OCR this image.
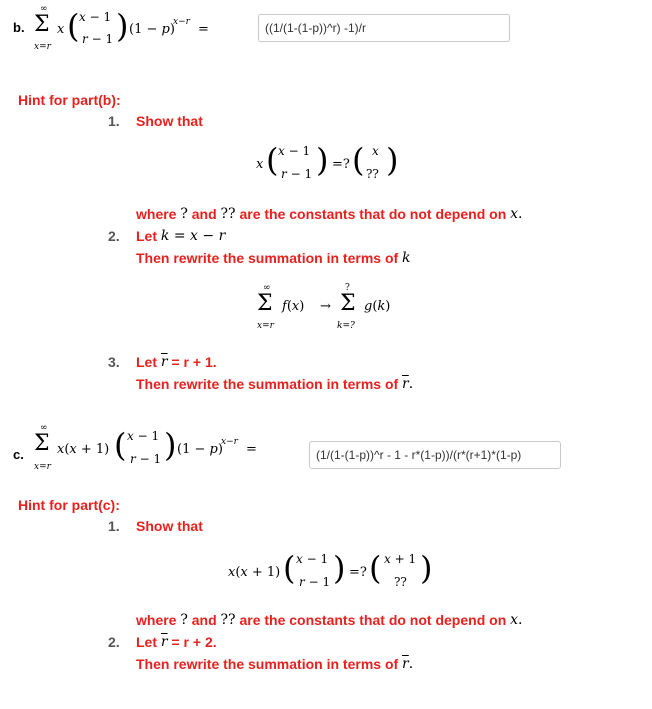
b.
∞
Σ
x=r
x ( x − 1
r − 1 ) (1 − p)
x−r =	((1/(1-(1-p))^r) -1)/r
Hint for part(b):
1. Show that
x ( x − 1
r − 1 ) =? ( x
?? )
where
?
and
??
are the constants that do not depend on
x .
2. Let
k = x − r
Then rewrite the summation in terms of
k
∞
Σ
x=r
f(x) →
?
Σ
k=?
g(k)
3. Let
$\overline{r}$
= r + 1.
Then rewrite the summation in terms of
$\overline{r}$ .
c.
∞
Σ
x=r
x(x + 1) ( x − 1
r − 1 ) (1 − p)
x−r =	(1/(1-(1-p))^r - 1 - r*(1-p))/(r*(r+1)*(1-p)
Hint for part(c):
1. Show that
x(x + 1) ( x − 1
r − 1 ) =? ( x + 1
?? )
where
?
and
??
are the constants that do not depend on
x .
2. Let
$\overline{r}$
= r + 2.
Then rewrite the summation in terms of
$\overline{r}$ .
